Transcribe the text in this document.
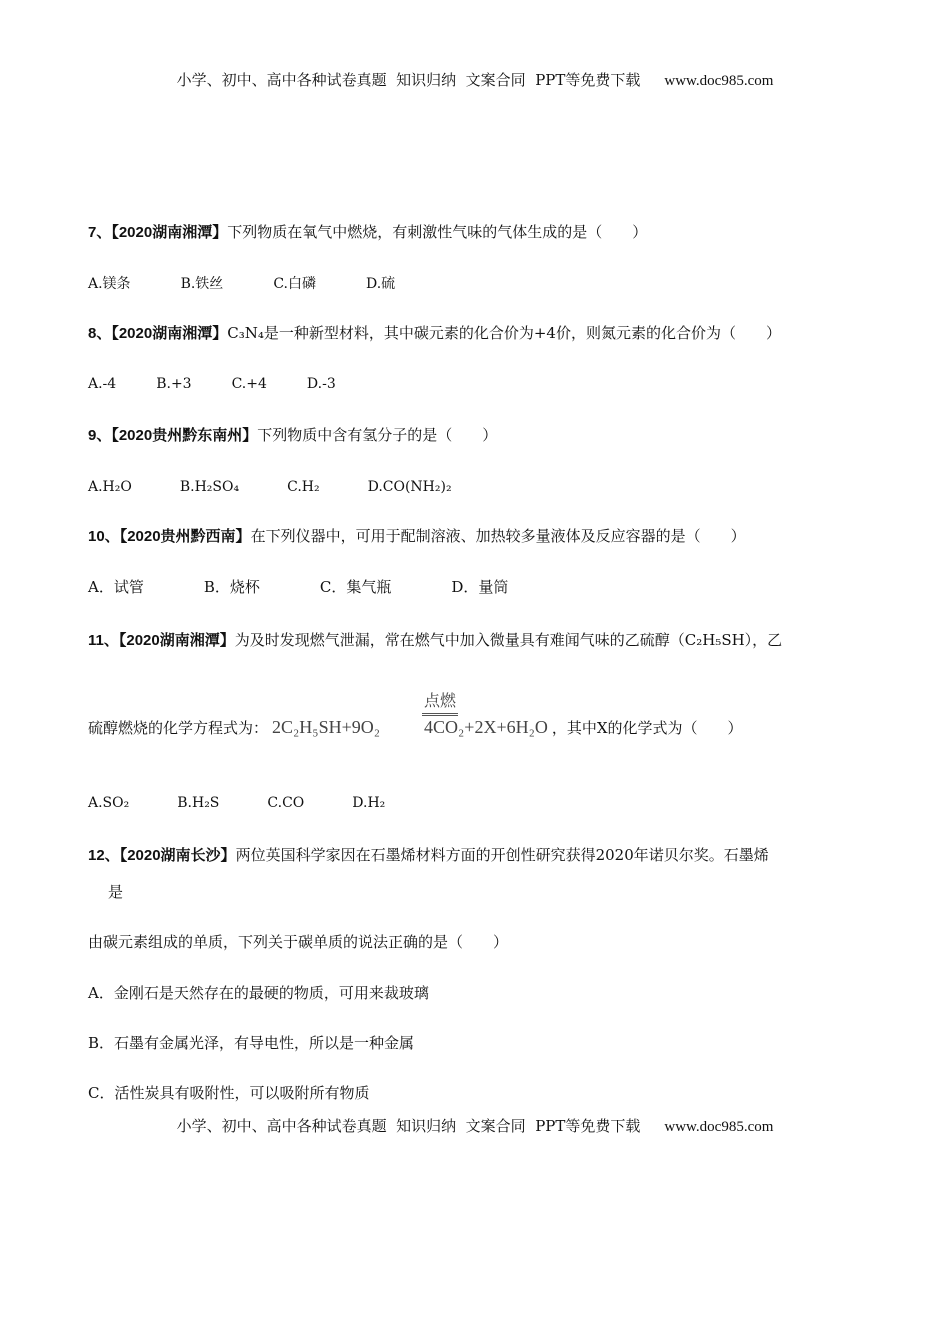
小学、初中、高中各种试卷真题  知识归纳  文案合同  PPT等免费下载 www.doc985.com
7、【2020湖南湘潭】下列物质在氧气中燃烧，有刺激性气味的气体生成的是（　　）
A.镁条	B.铁丝	C.白磷	D.硫
8、【2020湖南湘潭】C₃N₄是一种新型材料，其中碳元素的化合价为+4价，则氮元素的化合价为（　　）
A.-4	B.+3	C.+4	D.-3
9、【2020贵州黔东南州】下列物质中含有氢分子的是（　　）
A.H₂O	B.H₂SO₄	C.H₂	D.CO(NH₂)₂
10、【2020贵州黔西南】在下列仪器中，可用于配制溶液、加热较多量液体及反应容器的是（　　）
A．试管	B．烧杯	C．集气瓶	D．量筒
11、【2020湖南湘潭】为及时发现燃气泄漏，常在燃气中加入微量具有难闻气味的乙硫醇（C₂H₅SH），乙
硫醇燃烧的化学方程式为： 2C₂H₅SH+9O₂
点燃
4CO₂+2X+6H₂O ，其中X的化学式为（　　）
A.SO₂	B.H₂S	C.CO	D.H₂
12、【2020湖南长沙】两位英国科学家因在石墨烯材料方面的开创性研究获得2020年诺贝尔奖。石墨烯
是
由碳元素组成的单质，下列关于碳单质的说法正确的是（　　）
A．金刚石是天然存在的最硬的物质，可用来裁玻璃
B．石墨有金属光泽，有导电性，所以是一种金属
C．活性炭具有吸附性，可以吸附所有物质
小学、初中、高中各种试卷真题  知识归纳  文案合同  PPT等免费下载 www.doc985.com
